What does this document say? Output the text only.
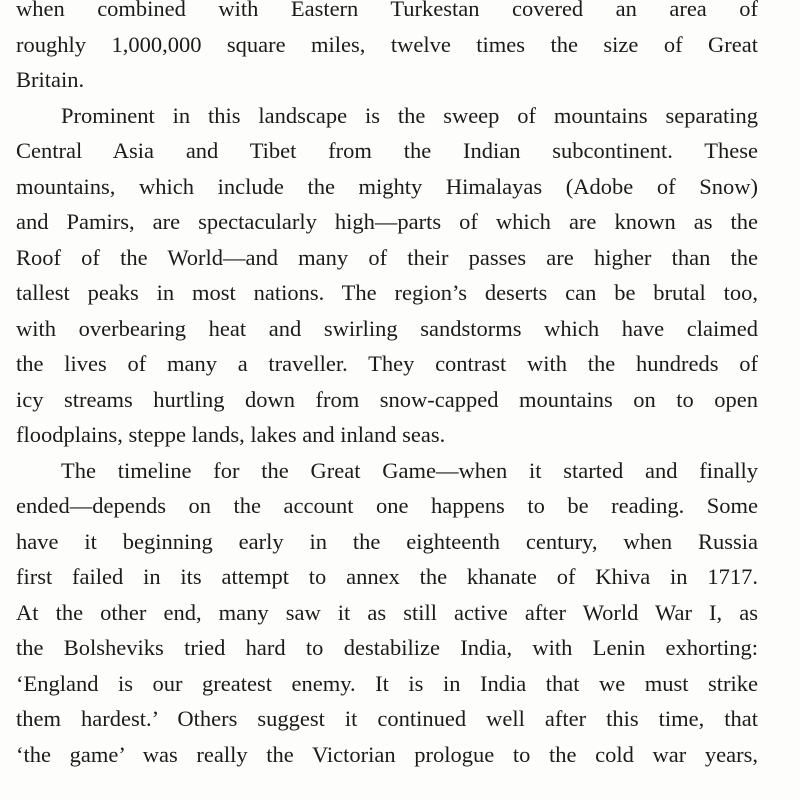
when combined with Eastern Turkestan covered an area of
roughly 1,000,000 square miles, twelve times the size of Great
Britain.
Prominent in this landscape is the sweep of mountains separating
Central Asia and Tibet from the Indian subcontinent. These
mountains, which include the mighty Himalayas (Adobe of Snow)
and Pamirs, are spectacularly high—parts of which are known as the
Roof of the World—and many of their passes are higher than the
tallest peaks in most nations. The region’s deserts can be brutal too,
with overbearing heat and swirling sandstorms which have claimed
the lives of many a traveller. They contrast with the hundreds of
icy streams hurtling down from snow-capped mountains on to open
floodplains, steppe lands, lakes and inland seas.
The timeline for the Great Game—when it started and finally
ended—depends on the account one happens to be reading. Some
have it beginning early in the eighteenth century, when Russia
first failed in its attempt to annex the khanate of Khiva in 1717.
At the other end, many saw it as still active after World War I, as
the Bolsheviks tried hard to destabilize India, with Lenin exhorting:
‘England is our greatest enemy. It is in India that we must strike
them hardest.’ Others suggest it continued well after this time, that
‘the game’ was really the Victorian prologue to the cold war years,
